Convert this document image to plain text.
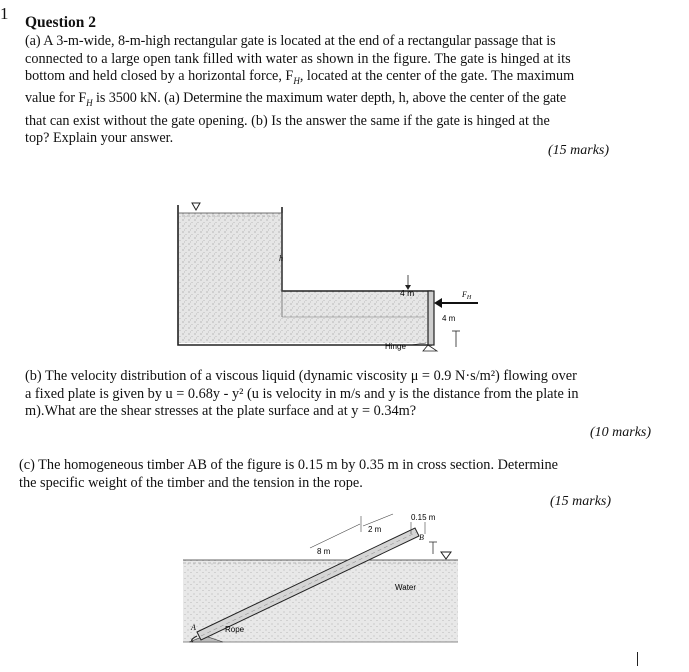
1 Question 2
(a) A 3-m-wide, 8-m-high rectangular gate is located at the end of a rectangular passage that is
connected to a large open tank filled with water as shown in the figure. The gate is hinged at its
bottom and held closed by a horizontal force, $F_H$, located at the center of the gate. The maximum
value for $F_H$ is 3500 kN. (a) Determine the maximum water depth, h, above the center of the gate
that can exist without the gate opening. (b) Is the answer the same if the gate is hinged at the
top? Explain your answer.
(15 marks)
h
4 m
4 m
$F_H$
Hinge
(b) The velocity distribution of a viscous liquid (dynamic viscosity μ = 0.9 N·s/m²) flowing over
a fixed plate is given by u = 0.68y - y² (u is velocity in m/s and y is the distance from the plate in
m).What are the shear stresses at the plate surface and at y = 0.34m?
(10 marks)
(c) The homogeneous timber AB of the figure is 0.15 m by 0.35 m in cross section. Determine
the specific weight of the timber and the tension in the rope.
(15 marks)
8 m
2 m
0.15 m
B
A
Water
Rope
